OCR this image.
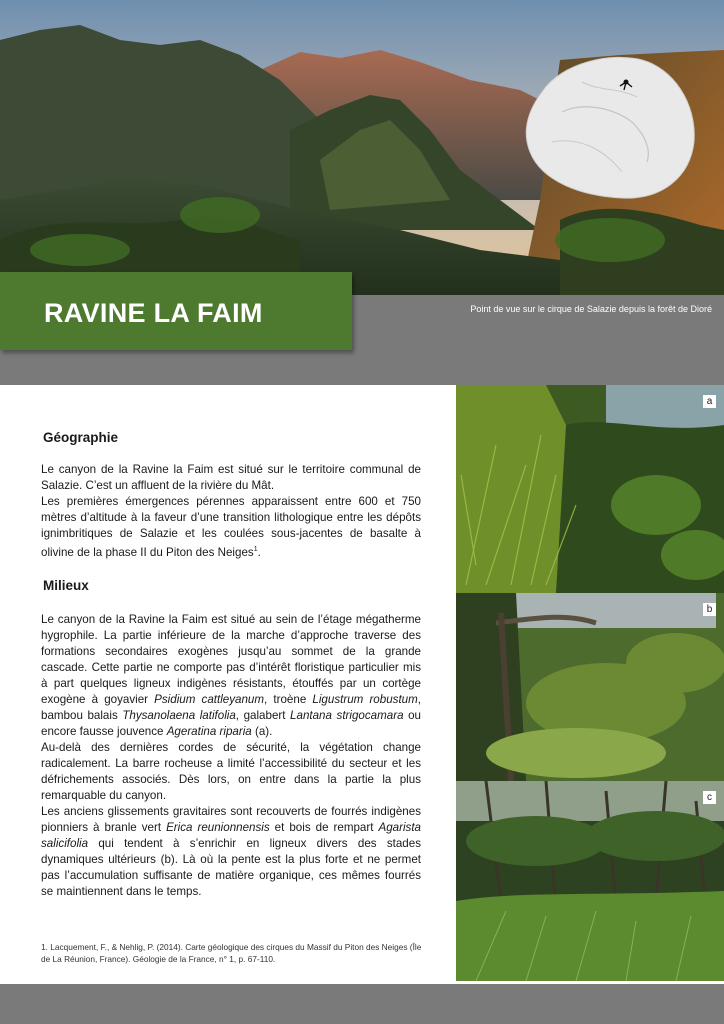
RAVINE LA FAIM	Point de vue sur le cirque de Salazie depuis la forêt de Dioré
Géographie

Le canyon de la Ravine la Faim est situé sur le territoire communal de Salazie. C’est un affluent de la rivière du Mât.
Les premières émergences pérennes apparaissent entre 600 et 750 mètres d’altitude à la faveur d’une transition lithologique entre les dépôts ignimbritiques de Salazie et les coulées sous-jacentes de basalte à olivine de la phase II du Piton des Neiges$^1$.

Milieux

Le canyon de la Ravine la Faim est situé au sein de l’étage mégatherme hygrophile. La partie inférieure de la marche d’approche traverse des formations secondaires exogènes jusqu’au sommet de la grande cascade. Cette partie ne comporte pas d’intérêt floristique particulier mis à part quelques ligneux indigènes résistants, étouffés par un cortège exogène à goyavier Psidium cattleyanum, troène Ligustrum robustum, bambou balais Thysanolaena latifolia, galabert Lantana strigocamara ou encore fausse jouvence Ageratina riparia (a).
Au-delà des dernières cordes de sécurité, la végétation change radicalement. La barre rocheuse a limité l’accessibilité du secteur et les défrichements associés. Dès lors, on entre dans la partie la plus remarquable du canyon.
Les anciens glissements gravitaires sont recouverts de fourrés indigènes pionniers à branle vert Erica reunionnensis et bois de rempart Agarista salicifolia qui tendent à s’enrichir en ligneux divers des stades dynamiques ultérieurs (b). Là où la pente est la plus forte et ne permet pas l’accumulation suffisante de matière organique, ces mêmes fourrés se maintiennent dans le temps.

1. Lacquement, F., & Nehlig, P. (2014). Carte géologique des cirques du Massif du Piton des Neiges (Île de La Réunion, France). Géologie de la France, n° 1, p. 67-110.
a
b
c
